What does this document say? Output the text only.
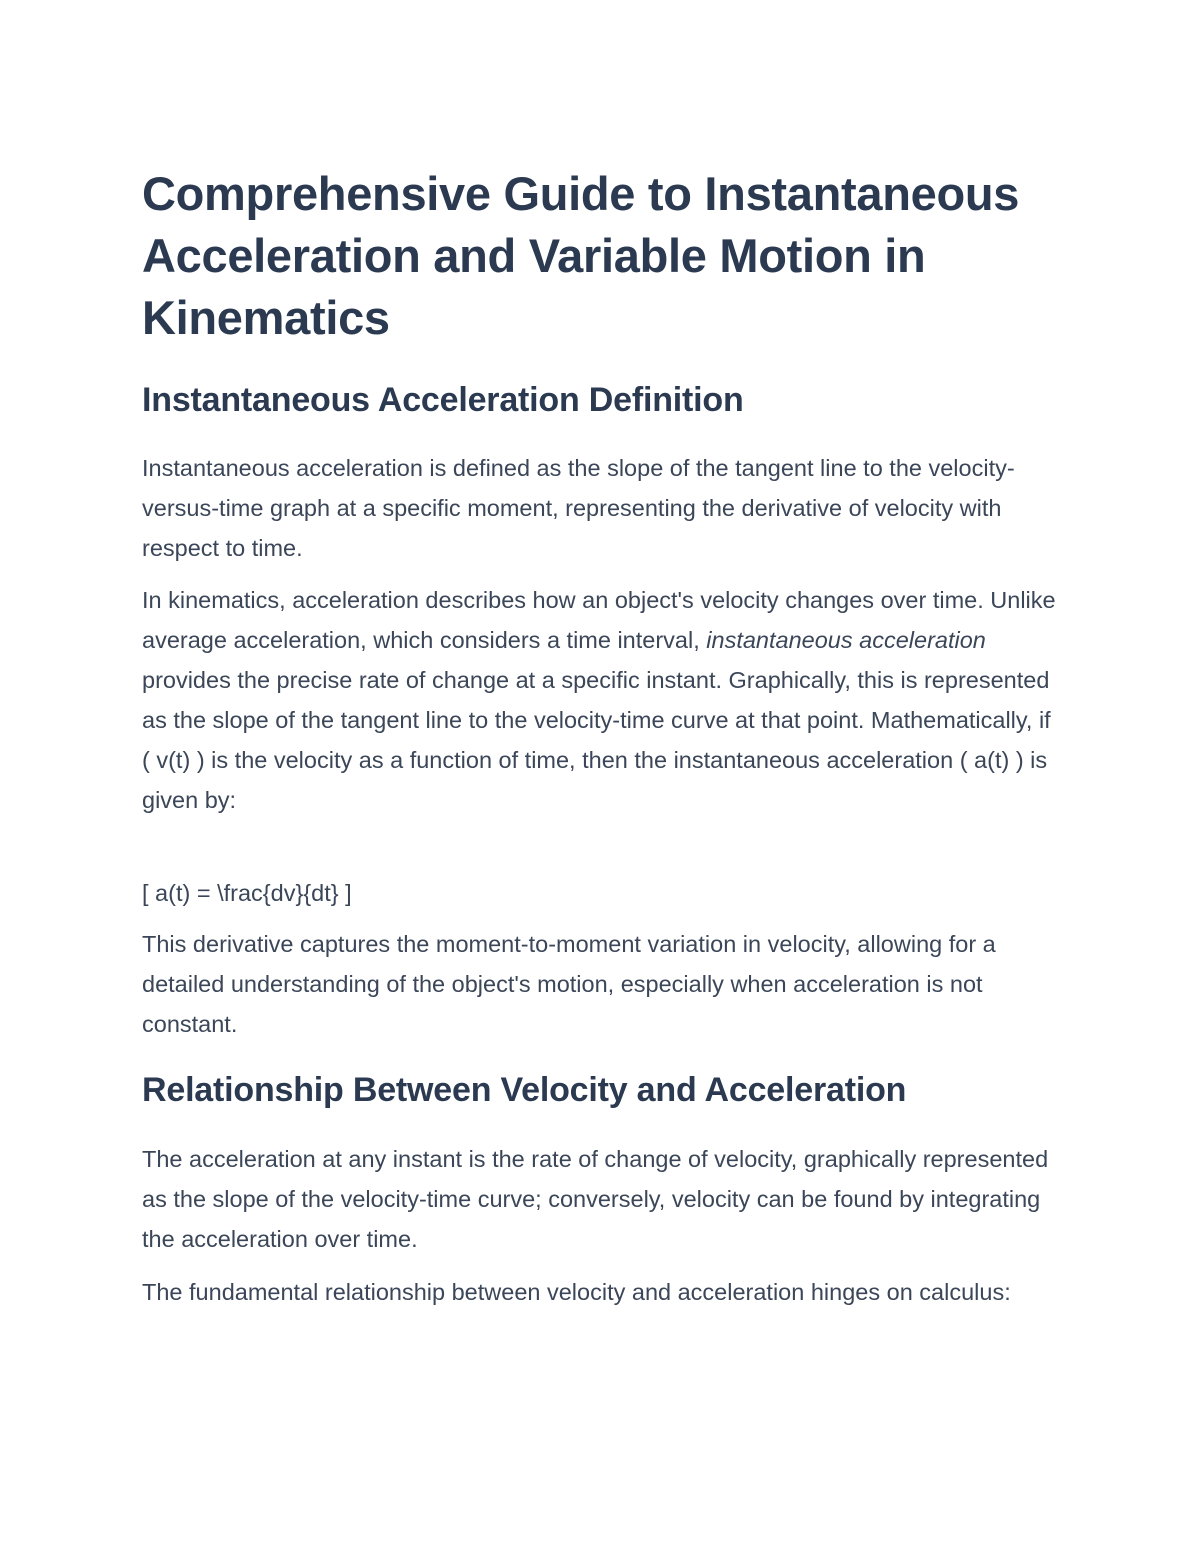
Comprehensive Guide to Instantaneous Acceleration and Variable Motion in Kinematics
Instantaneous Acceleration Definition

Instantaneous acceleration is defined as the slope of the tangent line to the velocity-versus-time graph at a specific moment, representing the derivative of velocity with respect to time.

In kinematics, acceleration describes how an object's velocity changes over time. Unlike average acceleration, which considers a time interval, instantaneous acceleration provides the precise rate of change at a specific instant. Graphically, this is represented as the slope of the tangent line to the velocity-time curve at that point. Mathematically, if ( v(t) ) is the velocity as a function of time, then the instantaneous acceleration ( a(t) ) is given by:

[ a(t) = \frac{dv}{dt} ]

This derivative captures the moment-to-moment variation in velocity, allowing for a detailed understanding of the object's motion, especially when acceleration is not constant.

Relationship Between Velocity and Acceleration

The acceleration at any instant is the rate of change of velocity, graphically represented as the slope of the velocity-time curve; conversely, velocity can be found by integrating the acceleration over time.

The fundamental relationship between velocity and acceleration hinges on calculus:
